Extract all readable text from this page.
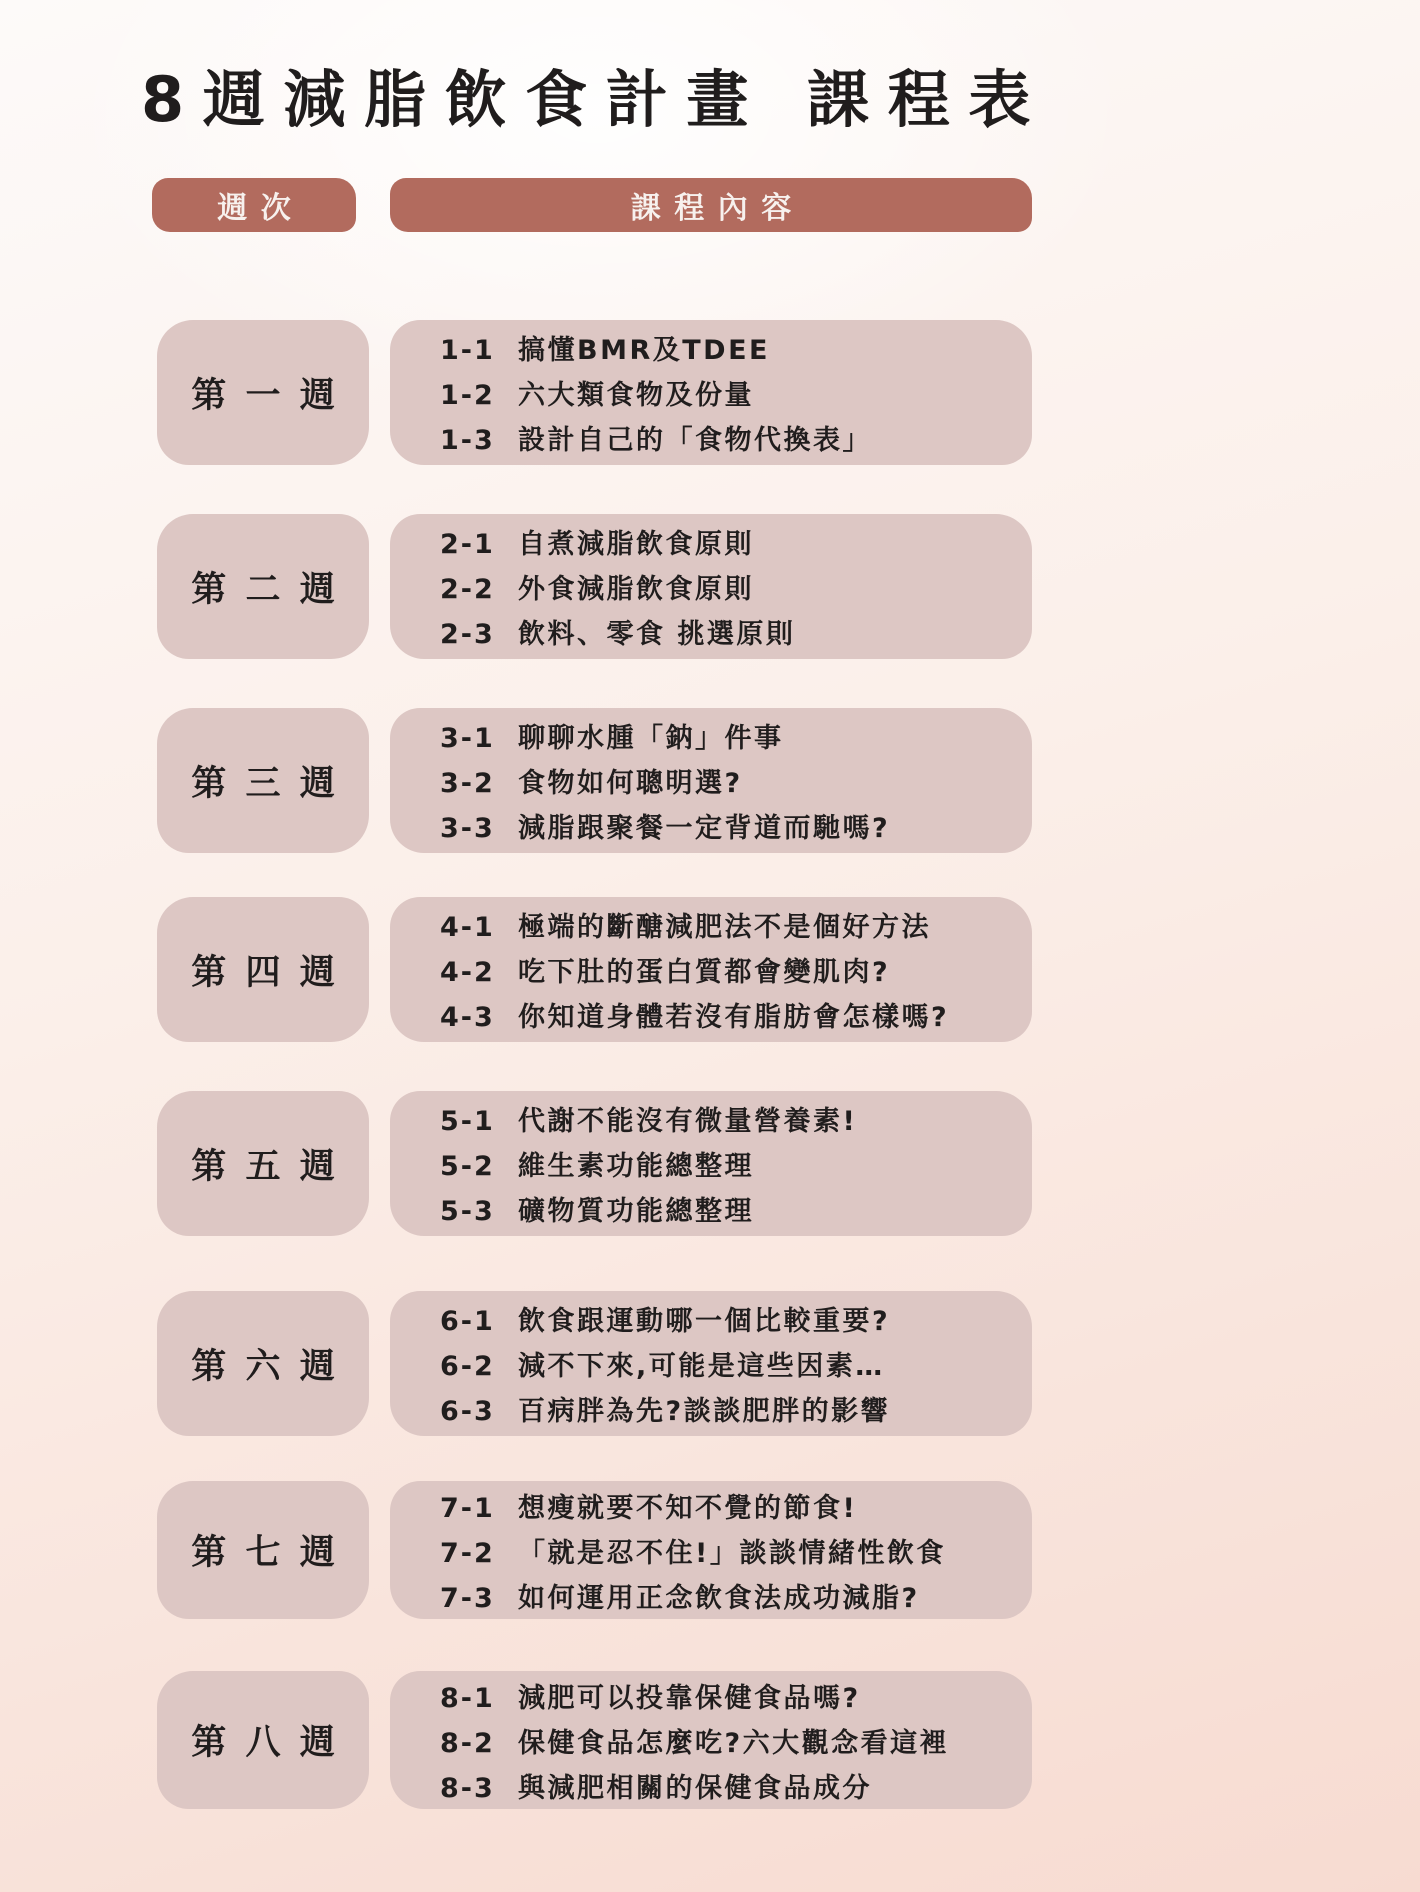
8週減脂飲食計畫 課程表
週次	課程內容
第一週
1-1 搞懂BMR及TDEE
1-2 六大類食物及份量
1-3 設計自己的「食物代換表」
第二週
2-1 自煮減脂飲食原則
2-2 外食減脂飲食原則
2-3 飲料、零食 挑選原則
第三週
3-1 聊聊水腫「鈉」件事
3-2 食物如何聰明選?
3-3 減脂跟聚餐一定背道而馳嗎?
第四週
4-1 極端的斷醣減肥法不是個好方法
4-2 吃下肚的蛋白質都會變肌肉?
4-3 你知道身體若沒有脂肪會怎樣嗎?
第五週
5-1 代謝不能沒有微量營養素!
5-2 維生素功能總整理
5-3 礦物質功能總整理
第六週
6-1 飲食跟運動哪一個比較重要?
6-2 減不下來,可能是這些因素…
6-3 百病胖為先?談談肥胖的影響
第七週
7-1 想瘦就要不知不覺的節食!
7-2 「就是忍不住!」談談情緒性飲食
7-3 如何運用正念飲食法成功減脂?
第八週
8-1 減肥可以投靠保健食品嗎?
8-2 保健食品怎麼吃?六大觀念看這裡
8-3 與減肥相關的保健食品成分
